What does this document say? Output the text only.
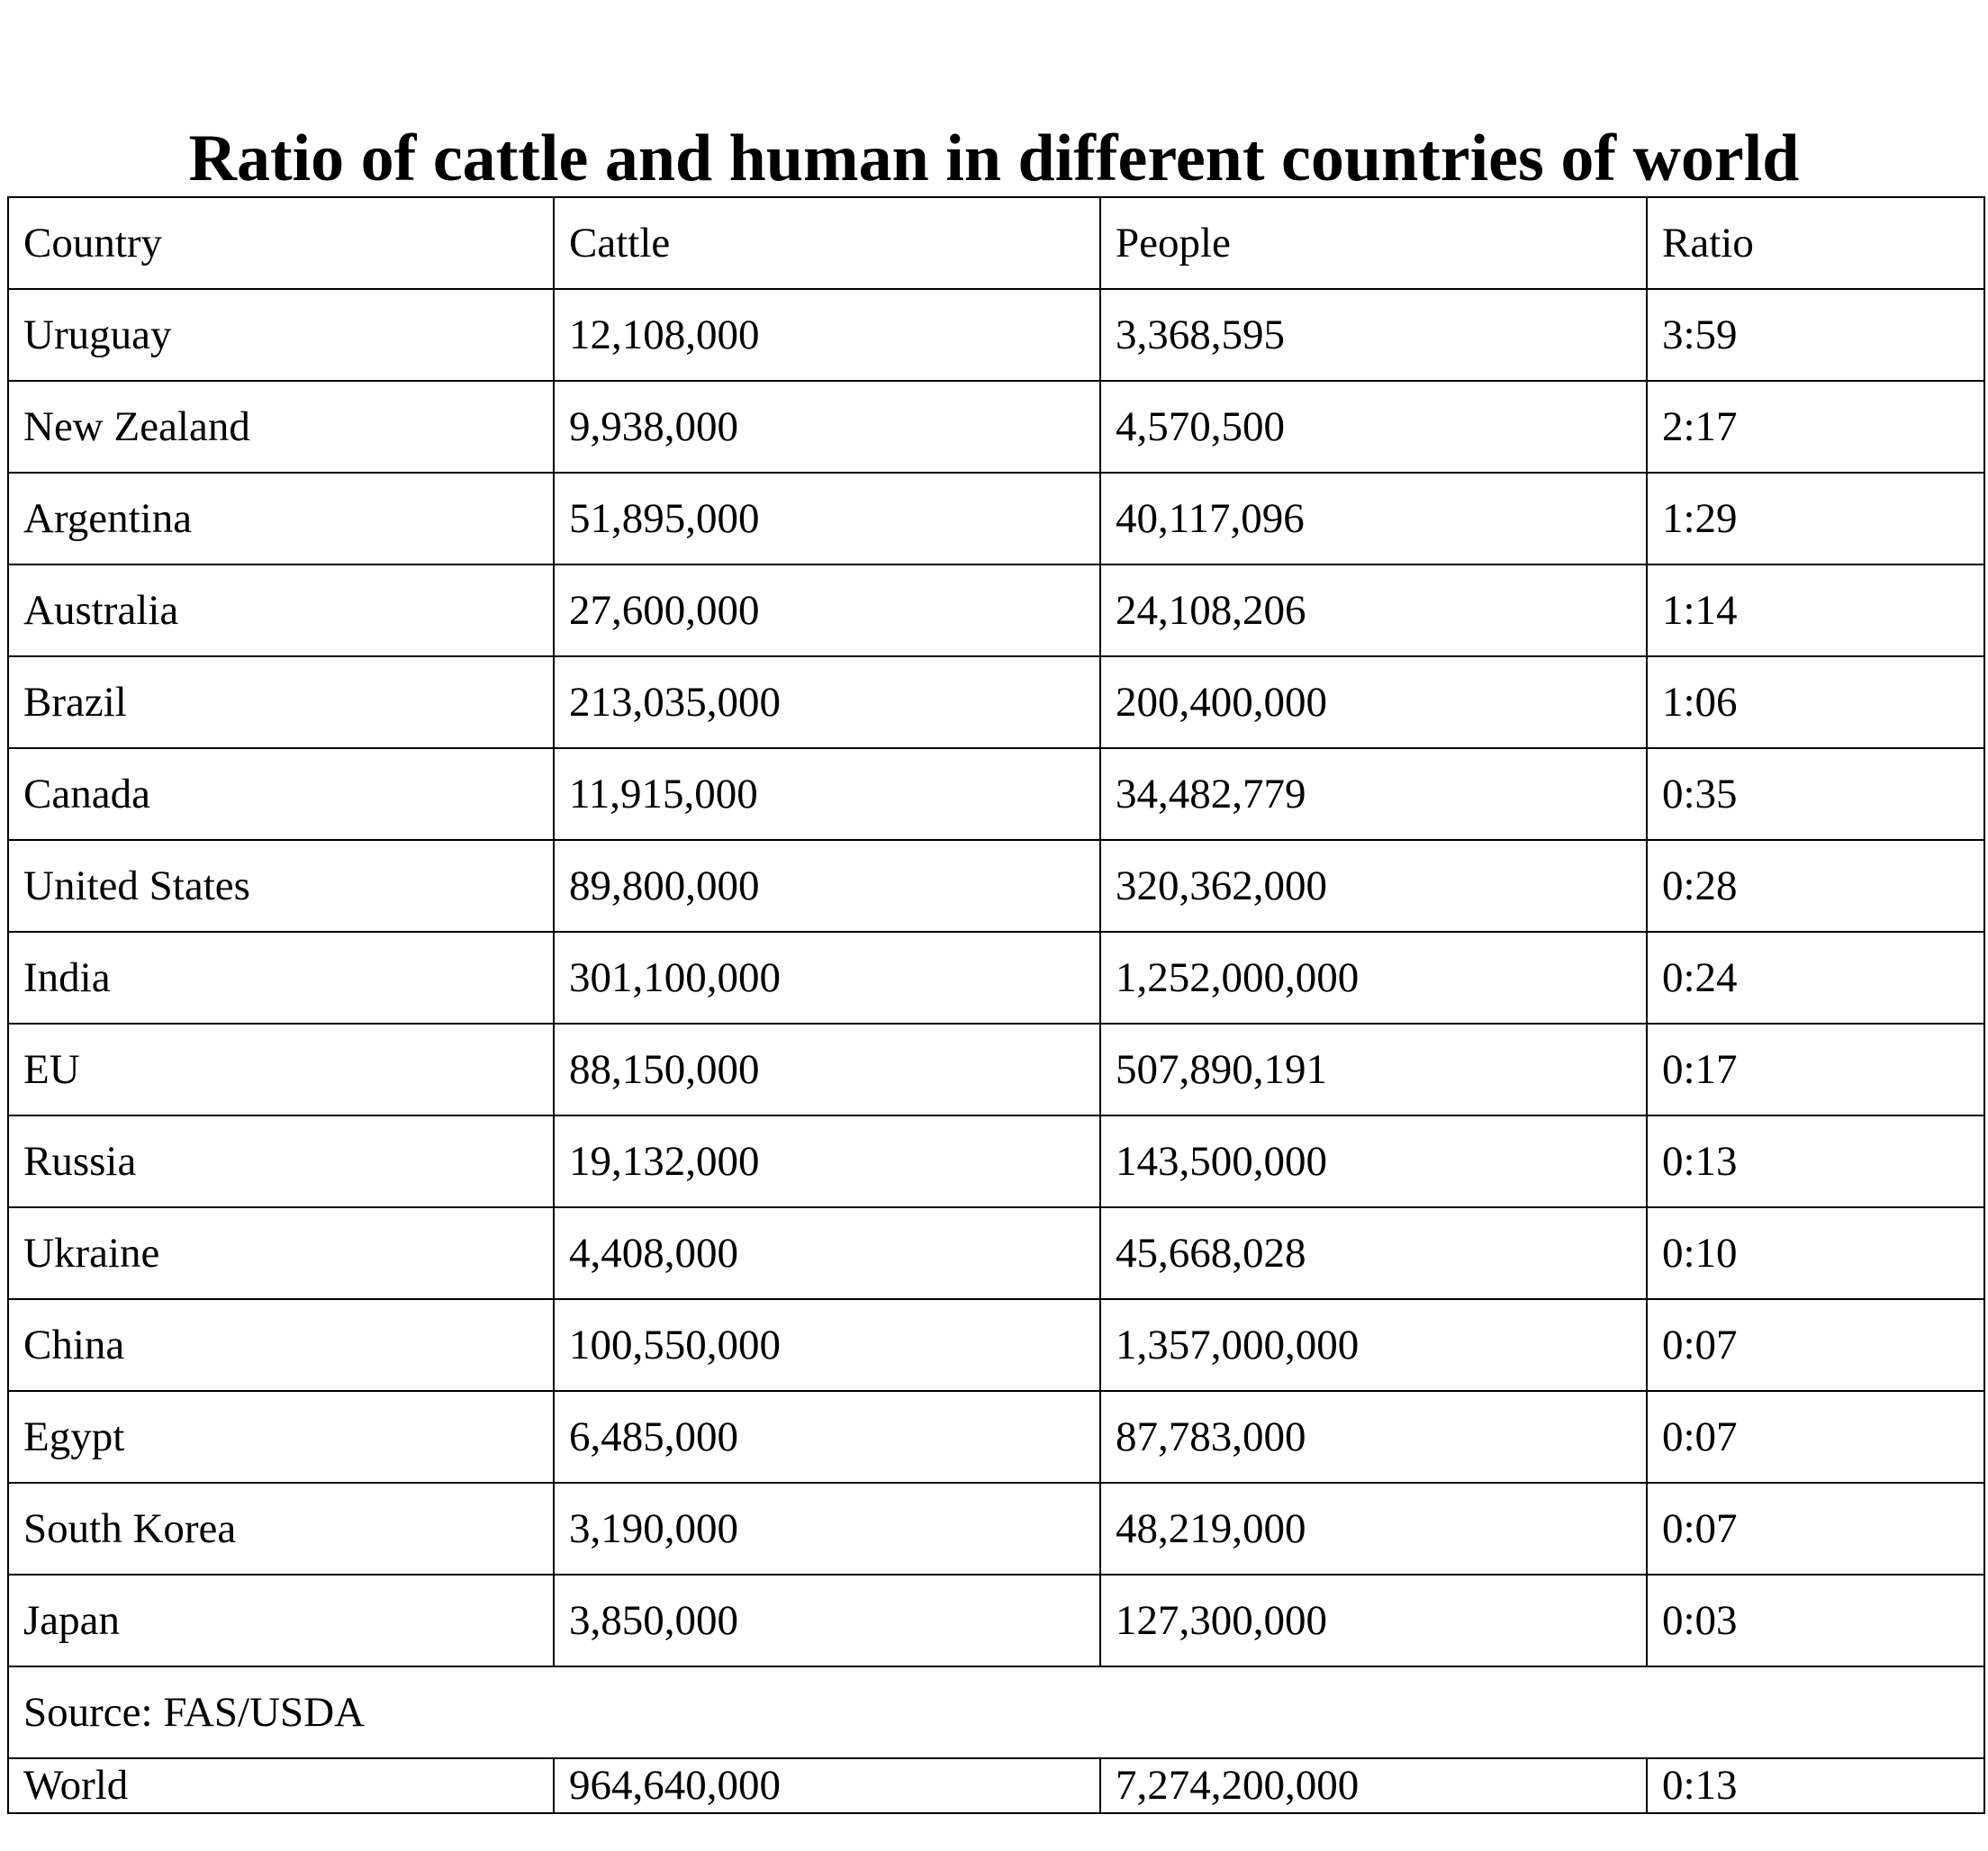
Ratio of cattle and human in different countries of world
Country	Cattle	People	Ratio
Uruguay	12,108,000	3,368,595	3:59
New Zealand	9,938,000	4,570,500	2:17
Argentina	51,895,000	40,117,096	1:29
Australia	27,600,000	24,108,206	1:14
Brazil	213,035,000	200,400,000	1:06
Canada	11,915,000	34,482,779	0:35
United States	89,800,000	320,362,000	0:28
India	301,100,000	1,252,000,000	0:24
EU	88,150,000	507,890,191	0:17
Russia	19,132,000	143,500,000	0:13
Ukraine	4,408,000	45,668,028	0:10
China	100,550,000	1,357,000,000	0:07
Egypt	6,485,000	87,783,000	0:07
South Korea	3,190,000	48,219,000	0:07
Japan	3,850,000	127,300,000	0:03
Source: FAS/USDA			
World	964,640,000	7,274,200,000	0:13
